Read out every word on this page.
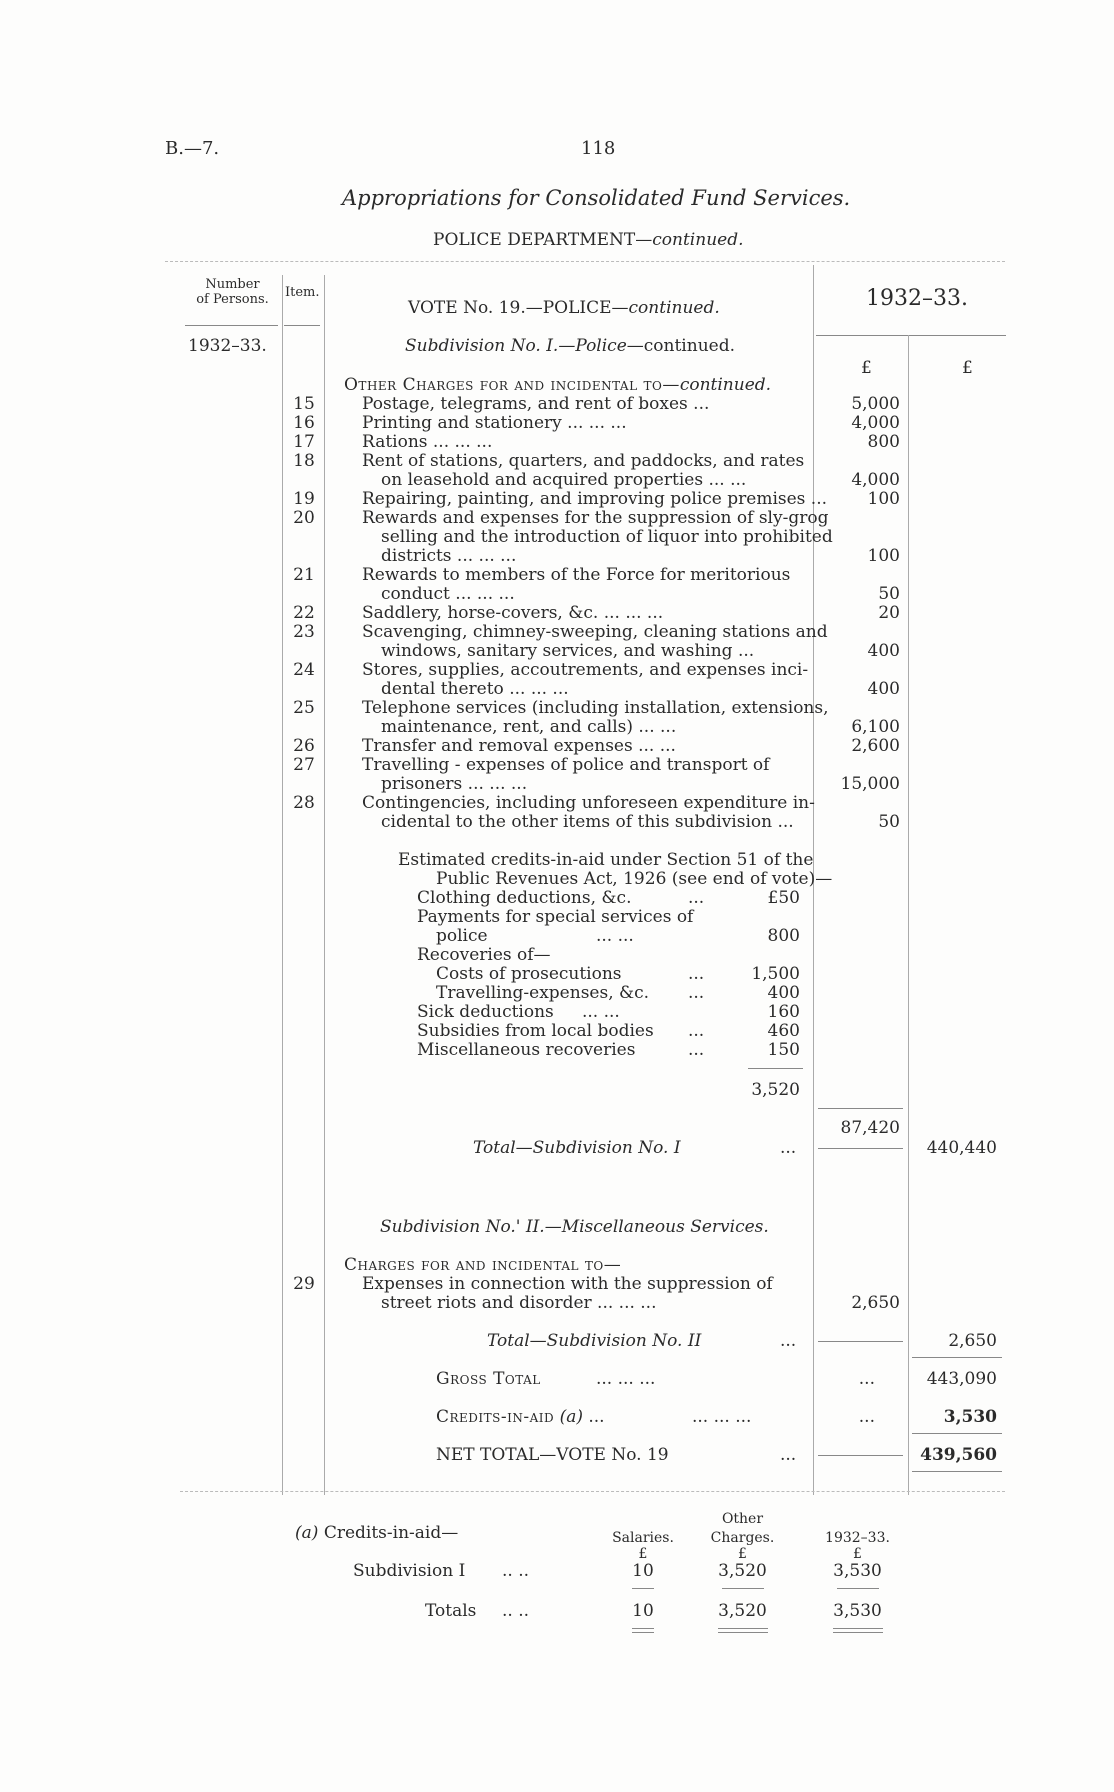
B.—7.	118
Appropriations for Consolidated Fund Services.
POLICE DEPARTMENT—continued.
Number
of Persons.	Item.
VOTE No. 19.—POLICE—continued.	1932–33.
1932–33.	Subdivision No. I.—Police—continued.
£	£
Other Charges for and incidental to—continued.
15	Postage, telegrams, and rent of boxes ...	5,000
16	Printing and stationery ... ... ...	4,000
17	Rations ... ... ...	800
18	Rent of stations, quarters, and paddocks, and rates
on leasehold and acquired properties ... ...	4,000
19	Repairing, painting, and improving police premises ...	100
20	Rewards and expenses for the suppression of sly-grog
selling and the introduction of liquor into prohibited
districts ... ... ...	100
21	Rewards to members of the Force for meritorious
conduct ... ... ...	50
22	Saddlery, horse-covers, &c. ... ... ...	20
23	Scavenging, chimney-sweeping, cleaning stations and
windows, sanitary services, and washing ...	400
24	Stores, supplies, accoutrements, and expenses inci-
dental thereto ... ... ...	400
25	Telephone services (including installation, extensions,
maintenance, rent, and calls) ... ...	6,100
26	Transfer and removal expenses ... ...	2,600
27	Travelling - expenses of police and transport of
prisoners ... ... ...	15,000
28	Contingencies, including unforeseen expenditure in-
cidental to the other items of this subdivision ...	50
Estimated credits-in-aid under Section 51 of the
Public Revenues Act, 1926 (see end of vote)—
Clothing deductions, &c.	...	£50
Payments for special services of
police	... ...	800
Recoveries of—
Costs of prosecutions	...	1,500
Travelling-expenses, &c. ...	400
Sick deductions ... ...	160
Subsidies from local bodies ...	460
Miscellaneous recoveries	...	150
3,520
87,420
Total—Subdivision No. I	...	440,440
Subdivision No.' II.—Miscellaneous Services.
Charges for and incidental to—
29	Expenses in connection with the suppression of
street riots and disorder ... ... ...	2,650
Total—Subdivision No. II	...	2,650
Gross Total	... ... ...	...	443,090
Credits-in-aid (a) ...	... ... ...	...	3,530
NET TOTAL—VOTE No. 19	...	439,560
(a) Credits-in-aid—	Salaries.
Other
Charges.	1932–33.
£	£	£
Subdivision I .. ..	10	3,520	3,530
Totals .. ..	10	3,520	3,530
